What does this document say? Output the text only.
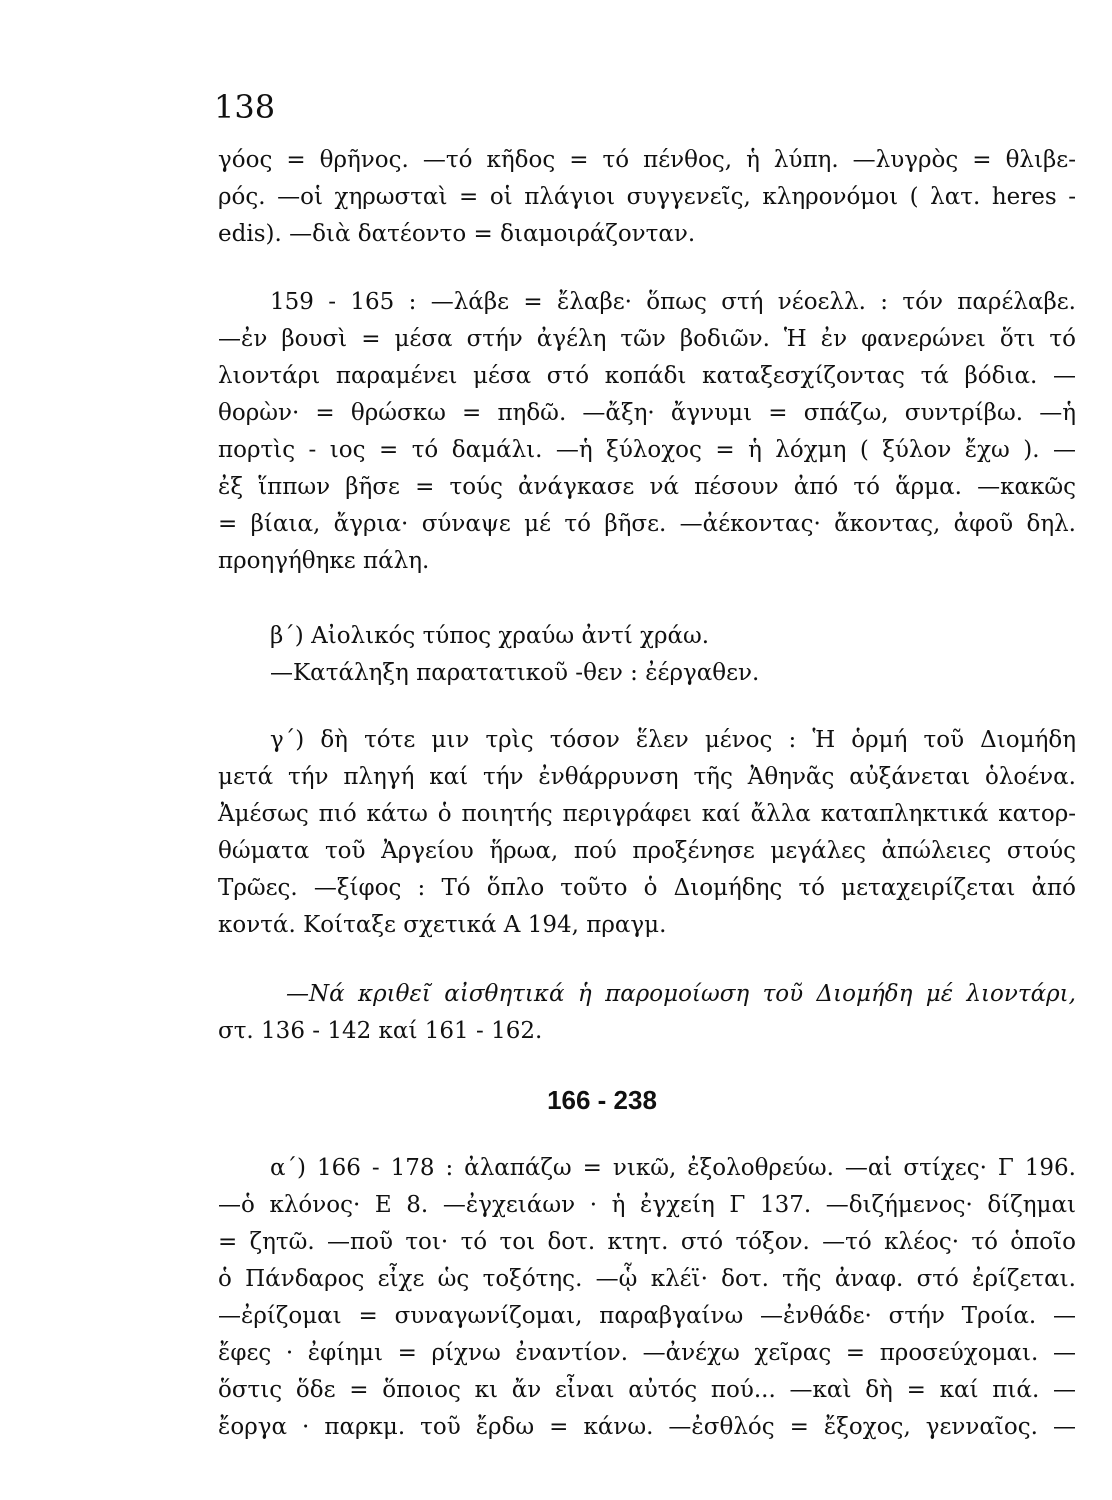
138
γόος = θρῆνος. —τό κῆδος = τό πένθος, ἡ λύπη. —λυγρὸς = θλιβε-
ρός. —οἱ χηρωσταὶ = οἱ πλάγιοι συγγενεῖς, κληρονόμοι ( λατ. heres -
edis). —διὰ δατέοντο = διαμοιράζονταν.
159 - 165 : —λάβε = ἔλαβε· ὅπως στή νέοελλ. : τόν παρέλαβε.
—ἐν βουσὶ = μέσα στήν ἀγέλη τῶν βοδιῶν. Ἡ ἐν φανερώνει ὅτι τό
λιοντάρι παραμένει μέσα στό κοπάδι καταξεσχίζοντας τά βόδια. —
θορὼν· = θρώσκω = πηδῶ. —ἄξη· ἄγνυμι = σπάζω, συντρίβω. —ἡ
πορτὶς - ιος = τό δαμάλι. —ἡ ξύλοχος = ἡ λόχμη ( ξύλον ἔχω ). —
ἐξ ἵππων βῆσε = τούς ἀνάγκασε νά πέσουν ἀπό τό ἅρμα. —κακῶς
= βίαια, ἄγρια· σύναψε μέ τό βῆσε. —ἀέκοντας· ἄκοντας, ἀφοῦ δηλ.
προηγήθηκε πάλη.
β΄) Αἰολικός τύπος χραύω ἀντί χράω.
—Κατάληξη παρατατικοῦ -θεν : ἐέργαθεν.
γ΄) δὴ τότε μιν τρὶς τόσον ἕλεν μένος : Ἡ ὁρμή τοῦ Διομήδη
μετά τήν πληγή καί τήν ἐνθάρρυνση τῆς Ἀθηνᾶς αὐξάνεται ὁλοένα.
Ἀμέσως πιό κάτω ὁ ποιητής περιγράφει καί ἄλλα καταπληκτικά κατορ-
θώματα τοῦ Ἀργείου ἥρωα, πού προξένησε μεγάλες ἀπώλειες στούς
Τρῶες. —ξίφος : Τό ὅπλο τοῦτο ὁ Διομήδης τό μεταχειρίζεται ἀπό
κοντά. Κοίταξε σχετικά Α 194, πραγμ.
—Νά κριθεῖ αἰσθητικά ἡ παρομοίωση τοῦ Διομήδη μέ λιοντάρι,
στ. 136 - 142 καί 161 - 162.
166 - 238
α΄) 166 - 178 : ἀλαπάζω = νικῶ, ἐξολοθρεύω. —αἱ στίχες· Γ 196.
—ὁ κλόνος· Ε 8. —ἐγχειάων · ἡ ἐγχείη Γ 137. —διζήμενος· δίζημαι
= ζητῶ. —ποῦ τοι· τό τοι δοτ. κτητ. στό τόξον. —τό κλέος· τό ὁποῖο
ὁ Πάνδαρος εἶχε ὡς τοξότης. —ᾧ κλέϊ· δοτ. τῆς ἀναφ. στό ἐρίζεται.
—ἐρίζομαι = συναγωνίζομαι, παραβγαίνω —ἐνθάδε· στήν Τροία. —
ἔφες · ἐφίημι = ρίχνω ἐναντίον. —ἀνέχω χεῖρας = προσεύχομαι. —
ὅστις ὅδε = ὅποιος κι ἄν εἶναι αὐτός πού... —καὶ δὴ = καί πιά. —
ἔοργα · παρκμ. τοῦ ἔρδω = κάνω. —ἐσθλός = ἔξοχος, γενναῖος. —
